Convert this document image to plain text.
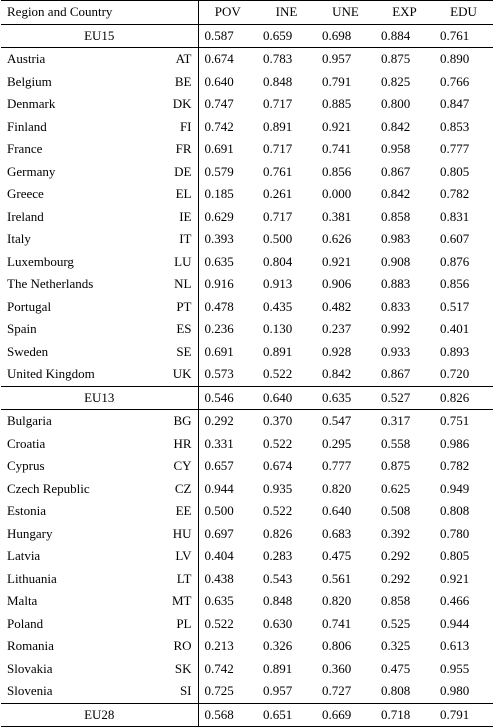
Region and Country		POV	INE	UNE	EXP	EDU
EU15		0.587	0.659	0.698	0.884	0.761
Austria	AT	0.674	0.783	0.957	0.875	0.890
Belgium	BE	0.640	0.848	0.791	0.825	0.766
Denmark	DK	0.747	0.717	0.885	0.800	0.847
Finland	FI	0.742	0.891	0.921	0.842	0.853
France	FR	0.691	0.717	0.741	0.958	0.777
Germany	DE	0.579	0.761	0.856	0.867	0.805
Greece	EL	0.185	0.261	0.000	0.842	0.782
Ireland	IE	0.629	0.717	0.381	0.858	0.831
Italy	IT	0.393	0.500	0.626	0.983	0.607
Luxembourg	LU	0.635	0.804	0.921	0.908	0.876
The Netherlands	NL	0.916	0.913	0.906	0.883	0.856
Portugal	PT	0.478	0.435	0.482	0.833	0.517
Spain	ES	0.236	0.130	0.237	0.992	0.401
Sweden	SE	0.691	0.891	0.928	0.933	0.893
United Kingdom	UK	0.573	0.522	0.842	0.867	0.720
EU13		0.546	0.640	0.635	0.527	0.826
Bulgaria	BG	0.292	0.370	0.547	0.317	0.751
Croatia	HR	0.331	0.522	0.295	0.558	0.986
Cyprus	CY	0.657	0.674	0.777	0.875	0.782
Czech Republic	CZ	0.944	0.935	0.820	0.625	0.949
Estonia	EE	0.500	0.522	0.640	0.508	0.808
Hungary	HU	0.697	0.826	0.683	0.392	0.780
Latvia	LV	0.404	0.283	0.475	0.292	0.805
Lithuania	LT	0.438	0.543	0.561	0.292	0.921
Malta	MT	0.635	0.848	0.820	0.858	0.466
Poland	PL	0.522	0.630	0.741	0.525	0.944
Romania	RO	0.213	0.326	0.806	0.325	0.613
Slovakia	SK	0.742	0.891	0.360	0.475	0.955
Slovenia	SI	0.725	0.957	0.727	0.808	0.980
EU28		0.568	0.651	0.669	0.718	0.791
